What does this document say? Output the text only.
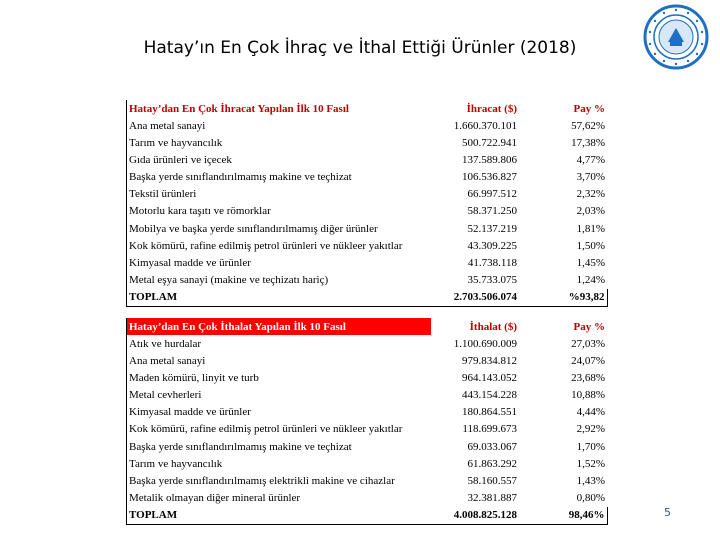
Hatay’ın En Çok İhraç ve İthal Ettiği Ürünler (2018)
Hatay’dan En Çok İhracat Yapılan İlk 10 Fasıl	İhracat ($)	Pay %
Ana metal sanayi	1.660.370.101	57,62%
Tarım ve hayvancılık	500.722.941	17,38%
Gıda ürünleri ve içecek	137.589.806	4,77%
Başka yerde sınıflandırılmamış makine ve teçhizat	106.536.827	3,70%
Tekstil ürünleri	66.997.512	2,32%
Motorlu kara taşıtı ve römorklar	58.371.250	2,03%
Mobilya ve başka yerde sınıflandırılmamış diğer ürünler	52.137.219	1,81%
Kok kömürü, rafine edilmiş petrol ürünleri ve nükleer yakıtlar	43.309.225	1,50%
Kimyasal madde ve ürünler	41.738.118	1,45%
Metal eşya sanayi (makine ve teçhizatı hariç)	35.733.075	1,24%
TOPLAM	2.703.506.074	%93,82
Hatay’dan En Çok İthalat Yapılan İlk 10 Fasıl	İthalat ($)	Pay %
Atık ve hurdalar	1.100.690.009	27,03%
Ana metal sanayi	979.834.812	24,07%
Maden kömürü, linyit ve turb	964.143.052	23,68%
Metal cevherleri	443.154.228	10,88%
Kimyasal madde ve ürünler	180.864.551	4,44%
Kok kömürü, rafine edilmiş petrol ürünleri ve nükleer yakıtlar	118.699.673	2,92%
Başka yerde sınıflandırılmamış makine ve teçhizat	69.033.067	1,70%
Tarım ve hayvancılık	61.863.292	1,52%
Başka yerde sınıflandırılmamış elektrikli makine ve cihazlar	58.160.557	1,43%
Metalik olmayan diğer mineral ürünler	32.381.887	0,80%
TOPLAM	4.008.825.128	98,46%	5
